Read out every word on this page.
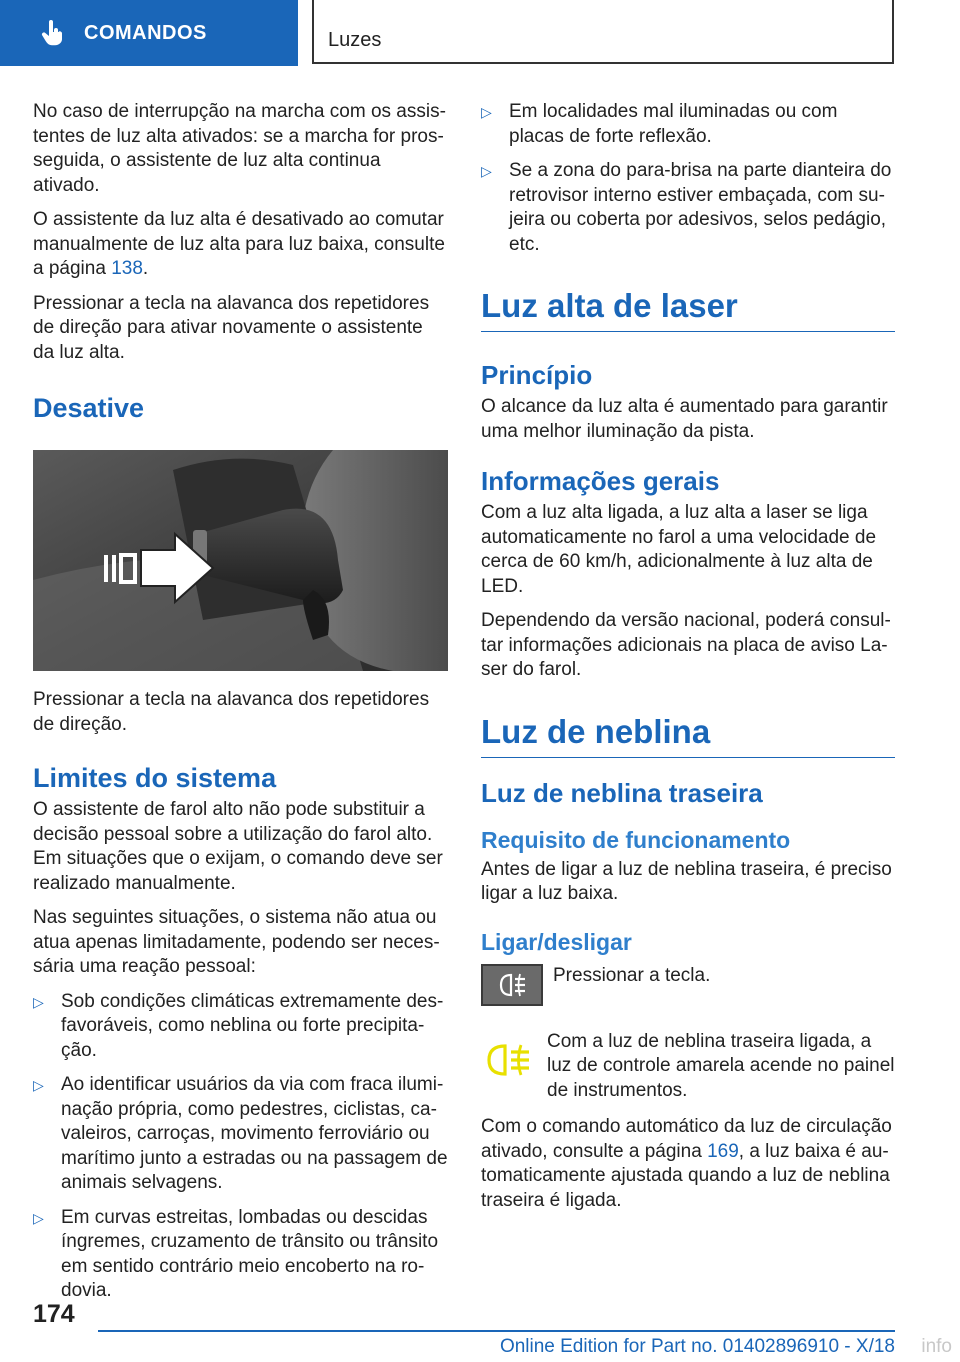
COMANDOS	Luzes

No caso de interrupção na marcha com os assistentes de luz alta ativados: se a marcha for prosseguida, o assistente de luz alta continua ativado.

O assistente da luz alta é desativado ao comutar manualmente de luz alta para luz baixa, consulte a página 138.

Pressionar a tecla na alavanca dos repetidores de direção para ativar novamente o assistente da luz alta.

Desative

Pressionar a tecla na alavanca dos repetidores de direção.

Limites do sistema

O assistente de farol alto não pode substituir a decisão pessoal sobre a utilização do farol alto. Em situações que o exijam, o comando deve ser realizado manualmente.

Nas seguintes situações, o sistema não atua ou atua apenas limitadamente, podendo ser necessária uma reação pessoal:

▷ Sob condições climáticas extremamente desfavoráveis, como neblina ou forte precipitação.
▷ Ao identificar usuários da via com fraca iluminação própria, como pedestres, ciclistas, cavaleiros, carroças, movimento ferroviário ou marítimo junto a estradas ou na passagem de animais selvagens.
▷ Em curvas estreitas, lombadas ou descidas íngremes, cruzamento de trânsito ou trânsito em sentido contrário meio encoberto na rodovia.
▷ Em localidades mal iluminadas ou com placas de forte reflexão.
▷ Se a zona do para-brisa na parte dianteira do retrovisor interno estiver embaçada, com sujeira ou coberta por adesivos, selos pedágio, etc.
Luz alta de laser
Princípio

O alcance da luz alta é aumentado para garantir uma melhor iluminação da pista.

Informações gerais

Com a luz alta ligada, a luz alta a laser se liga automaticamente no farol a uma velocidade de cerca de 60 km/h, adicionalmente à luz alta de LED.

Dependendo da versão nacional, poderá consultar informações adicionais na placa de aviso Laser do farol.

Luz de neblina
Luz de neblina traseira
Requisito de funcionamento

Antes de ligar a luz de neblina traseira, é preciso ligar a luz baixa.

Ligar/desligar

Pressionar a tecla.

Com a luz de neblina traseira ligada, a luz de controle amarela acende no painel de instrumentos.

Com o comando automático da luz de circulação ativado, consulte a página 169, a luz baixa é automaticamente ajustada quando a luz de neblina traseira é ligada.

174
Online Edition for Part no. 01402896910 - X/18 info
